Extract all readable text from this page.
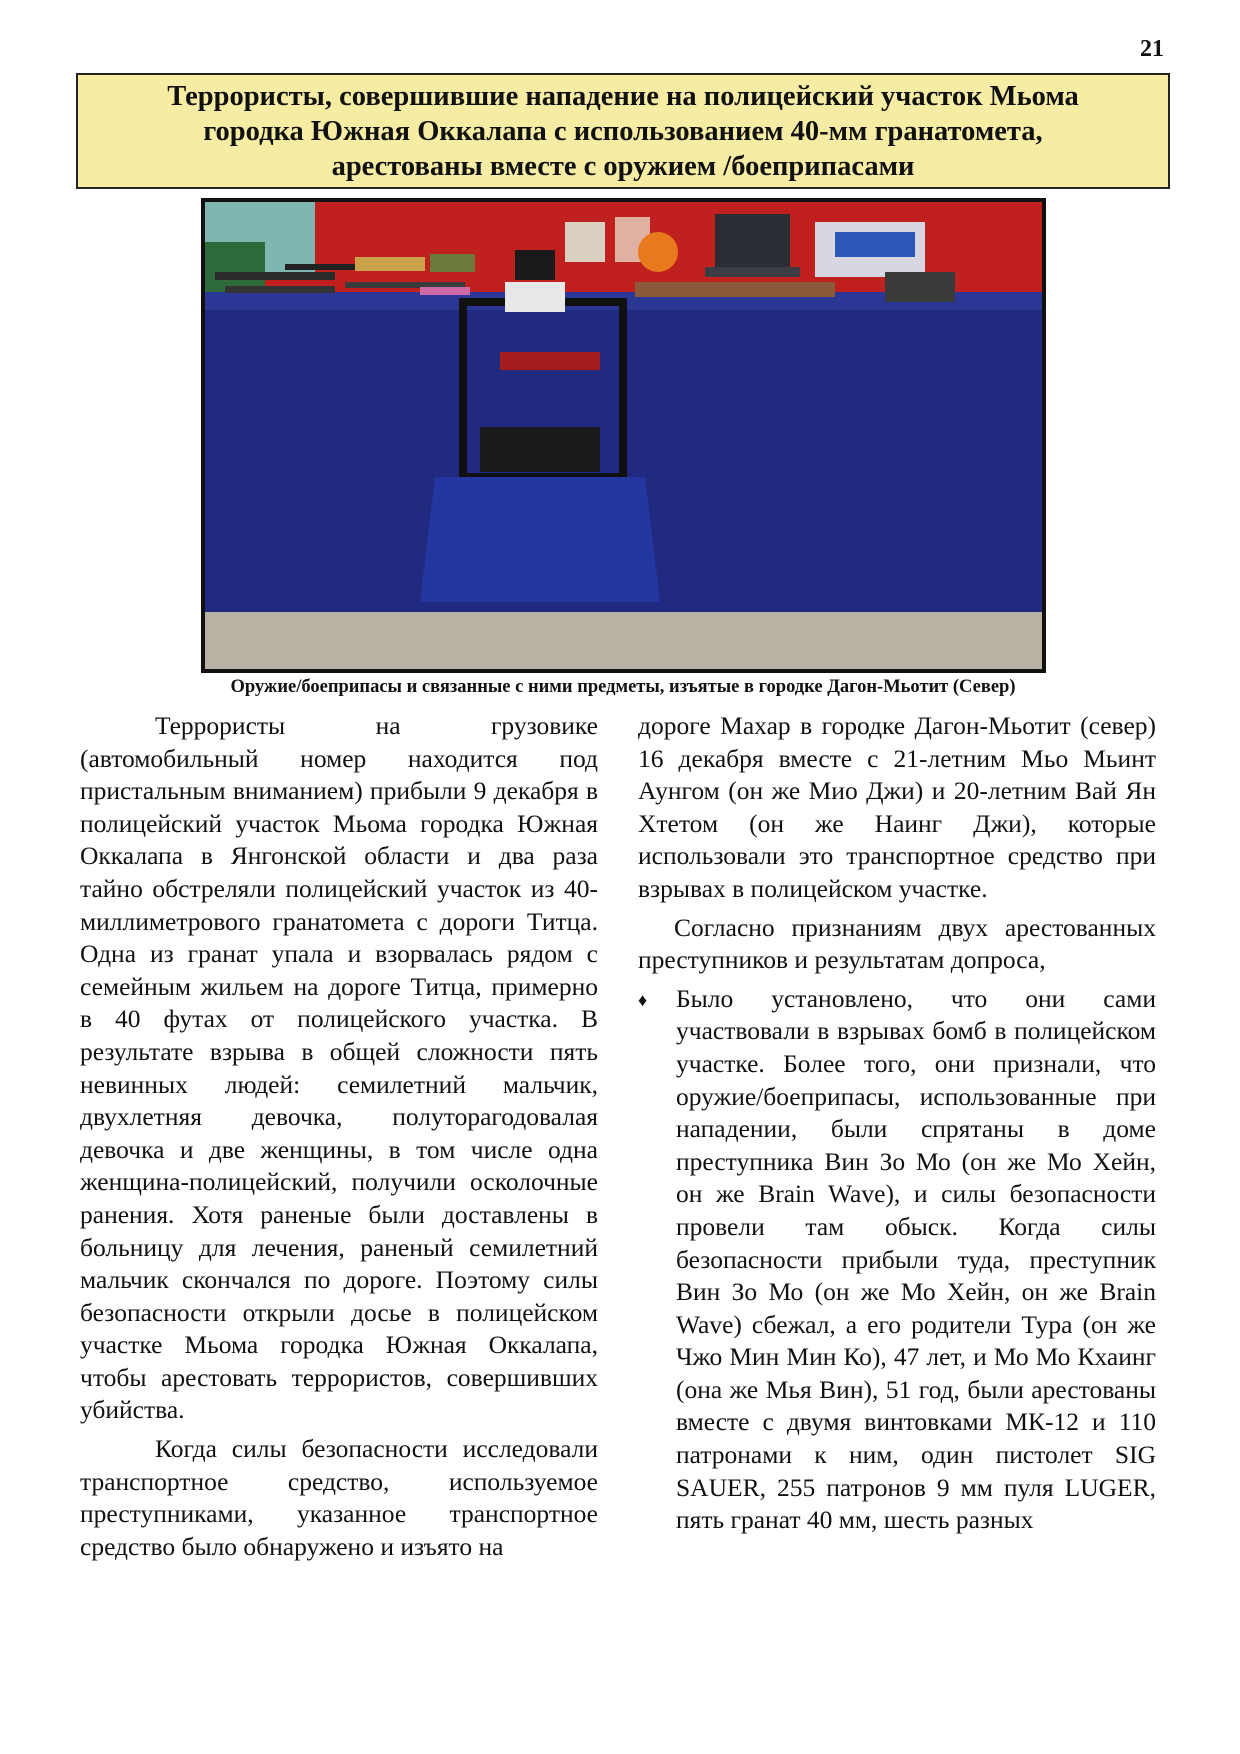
21
Террористы, совершившие нападение на полицейский участок Мьома
городка Южная Оккалапа с использованием 40-мм гранатомета,
арестованы вместе с оружием /боеприпасами
Оружие/боеприпасы и связанные с ними предметы, изъятые в городке Дагон-Мьотит (Север)

Террористы на грузовике (автомобильный номер находится под пристальным вниманием) прибыли 9 декабря в полицейский участок Мьома городка Южная Оккалапа в Янгонской области и два раза тайно обстреляли полицейский участок из 40-миллиметрового гранатомета с дороги Титца. Одна из гранат упала и взорвалась рядом с семейным жильем на дороге Титца, примерно в 40 футах от полицейского участка. В результате взрыва в общей сложности пять невинных людей: семилетний мальчик, двухлетняя девочка, полуторагодовалая девочка и две женщины, в том числе одна женщина-полицейский, получили осколочные ранения. Хотя раненые были доставлены в больницу для лечения, раненый семилетний мальчик скончался по дороге. Поэтому силы безопасности открыли досье в полицейском участке Мьома городка Южная Оккалапа, чтобы арестовать террористов, совершивших убийства.

Когда силы безопасности исследовали транспортное средство, используемое преступниками, указанное транспортное средство было обнаружено и изъято на

дороге Махар в городке Дагон-Мьотит (север) 16 декабря вместе с 21-летним Мьо Мьинт Аунгом (он же Мио Джи) и 20-летним Вай Ян Хтетом (он же Наинг Джи), которые использовали это транспортное средство при взрывах в полицейском участке.

Согласно признаниям двух арестованных преступников и результатам допроса,

♦ Было установлено, что они сами участвовали в взрывах бомб в полицейском участке. Более того, они признали, что оружие/боеприпасы, использованные при нападении, были спрятаны в доме преступника Вин Зо Мо (он же Мо Хейн, он же Brain Wave), и силы безопасности провели там обыск. Когда силы безопасности прибыли туда, преступник Вин Зо Мо (он же Мо Хейн, он же Brain Wave) сбежал, а его родители Тура (он же Чжо Мин Мин Ко), 47 лет, и Мо Мо Кхаинг (она же Мья Вин), 51 год, были арестованы вместе с двумя винтовками МК-12 и 110 патронами к ним, один пистолет SIG SAUER, 255 патронов 9 мм пуля LUGER, пять гранат 40 мм, шесть разных
